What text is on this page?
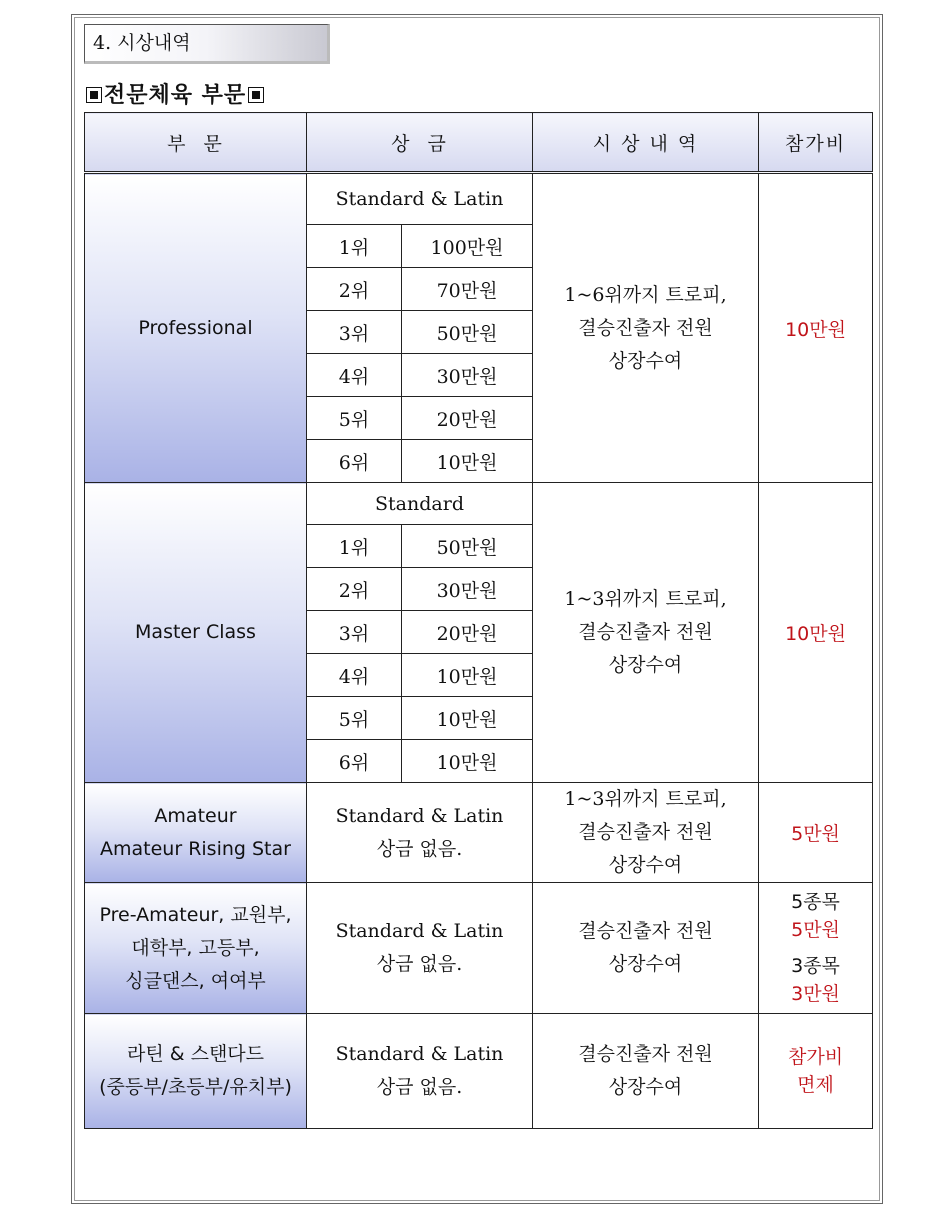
4. 시상내역
전문체육 부문
부  문	상  금		시 상 내 역	참가비
Professional	Standard & Latin		1~6위까지 트로피,
결승진출자 전원
상장수여	10만원
	1위	100만원		
	2위	70만원		
	3위	50만원		
	4위	30만원		
	5위	20만원		
	6위	10만원		
Master Class	Standard		1~3위까지 트로피,
결승진출자 전원
상장수여	10만원
	1위	50만원		
	2위	30만원		
	3위	20만원		
	4위	10만원		
	5위	10만원		
	6위	10만원		

Amateur
Amateur Rising Star	Standard & Latin
상금 없음.		1~3위까지 트로피,
결승진출자 전원
상장수여	5만원

Pre-Amateur, 교원부,
대학부, 고등부,
싱글댄스, 여여부	Standard & Latin
상금 없음.		결승진출자 전원
상장수여	5종목
5만원
3종목
3만원

라틴 & 스탠다드
(중등부/초등부/유치부)	Standard & Latin
상금 없음.		결승진출자 전원
상장수여	참가비
면제
